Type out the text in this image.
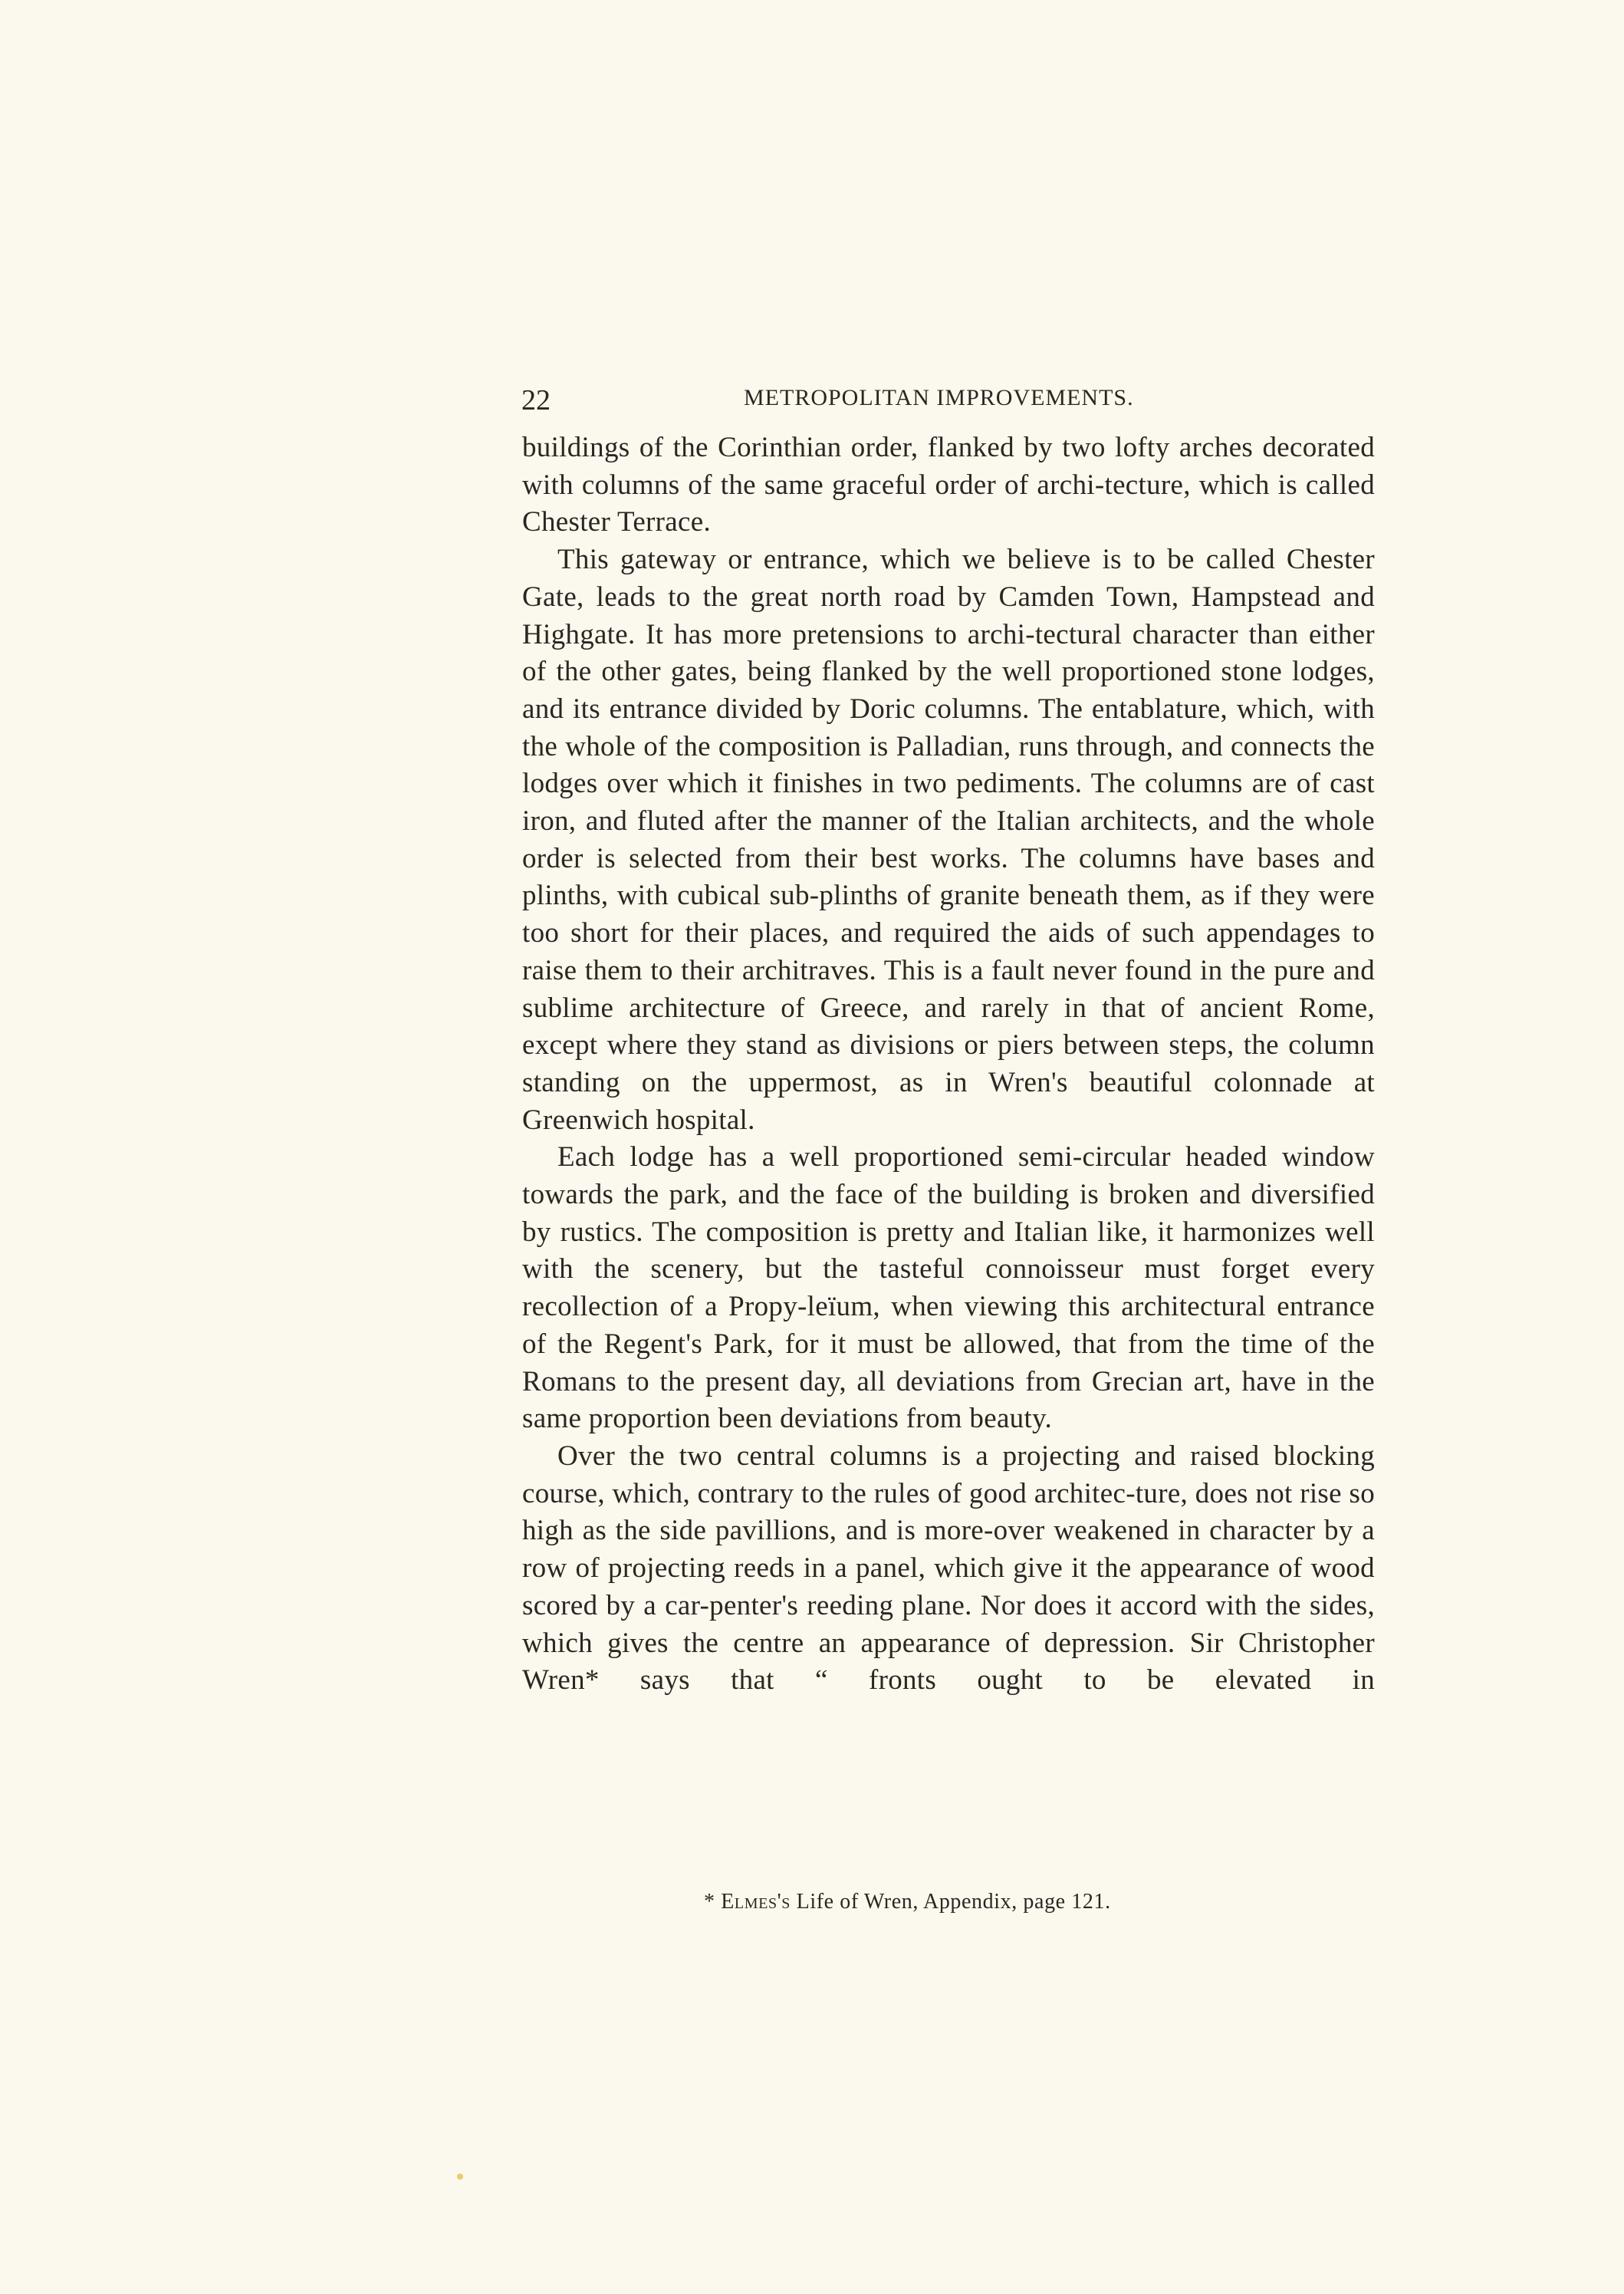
22	METROPOLITAN IMPROVEMENTS.

buildings of the Corinthian order, flanked by two lofty arches decorated with columns of the same graceful order of archi-tecture, which is called Chester Terrace.

This gateway or entrance, which we believe is to be called Chester Gate, leads to the great north road by Camden Town, Hampstead and Highgate. It has more pretensions to archi-tectural character than either of the other gates, being flanked by the well proportioned stone lodges, and its entrance divided by Doric columns. The entablature, which, with the whole of the composition is Palladian, runs through, and connects the lodges over which it finishes in two pediments. The columns are of cast iron, and fluted after the manner of the Italian architects, and the whole order is selected from their best works. The columns have bases and plinths, with cubical sub-plinths of granite beneath them, as if they were too short for their places, and required the aids of such appendages to raise them to their architraves. This is a fault never found in the pure and sublime architecture of Greece, and rarely in that of ancient Rome, except where they stand as divisions or piers between steps, the column standing on the uppermost, as in Wren's beautiful colonnade at Greenwich hospital.

Each lodge has a well proportioned semi-circular headed window towards the park, and the face of the building is broken and diversified by rustics. The composition is pretty and Italian like, it harmonizes well with the scenery, but the tasteful connoisseur must forget every recollection of a Propy-leïum, when viewing this architectural entrance of the Regent's Park, for it must be allowed, that from the time of the Romans to the present day, all deviations from Grecian art, have in the same proportion been deviations from beauty.

Over the two central columns is a projecting and raised blocking course, which, contrary to the rules of good architec-ture, does not rise so high as the side pavillions, and is more-over weakened in character by a row of projecting reeds in a panel, which give it the appearance of wood scored by a car-penter's reeding plane. Nor does it accord with the sides, which gives the centre an appearance of depression. Sir Christopher Wren* says that “ fronts ought to be elevated in

* Elmes's Life of Wren, Appendix, page 121.
